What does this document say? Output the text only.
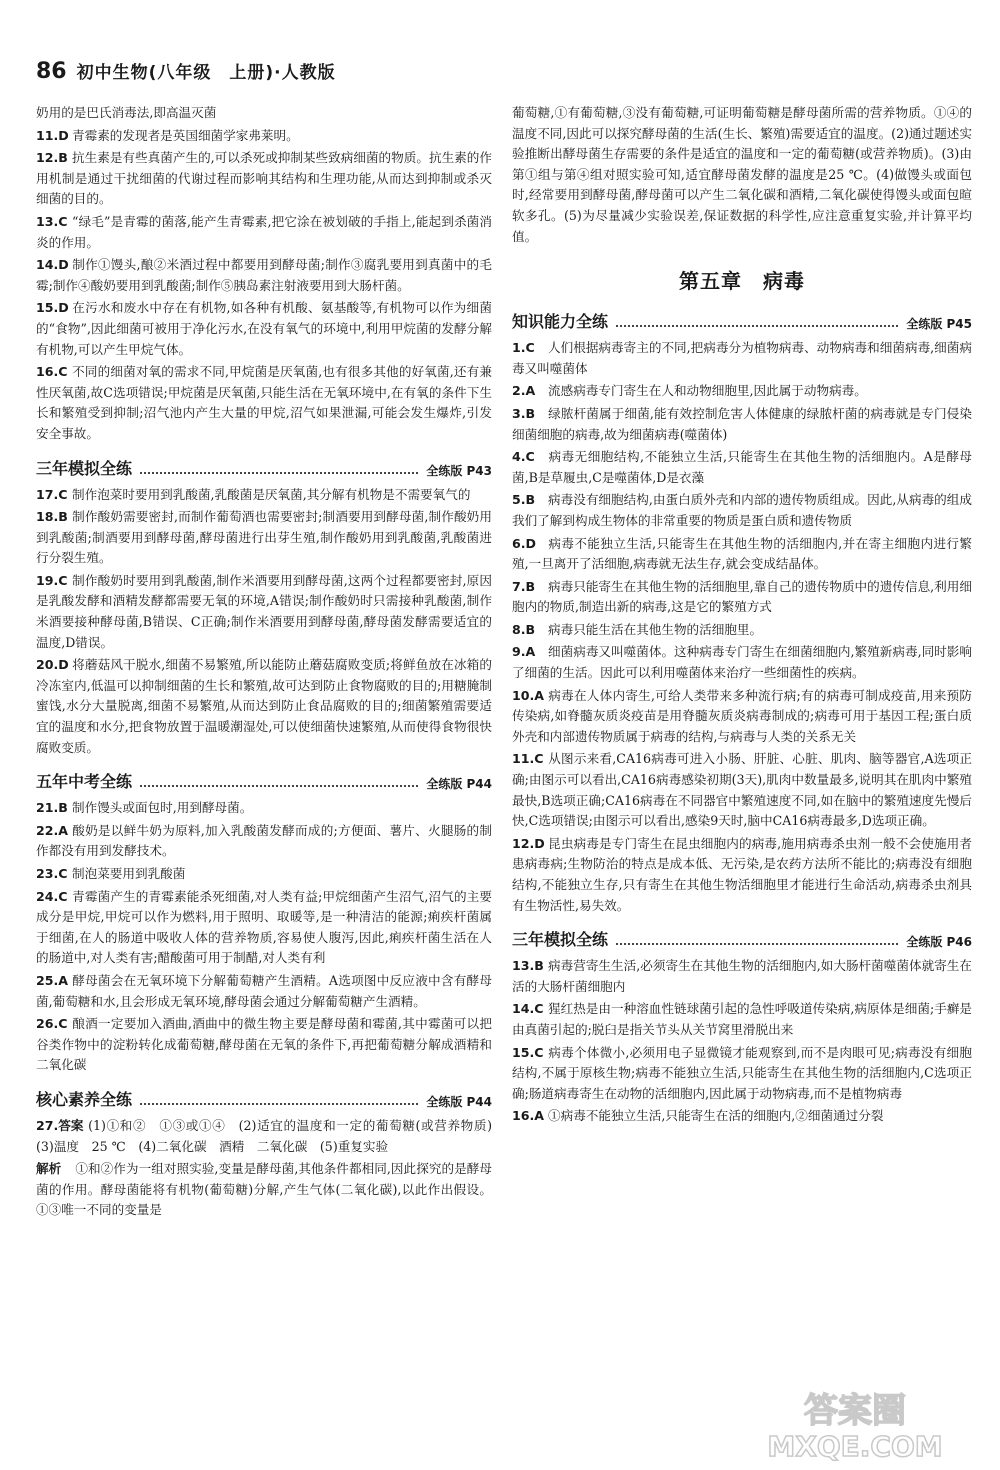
86 初中生物(八年级　上册)·人教版
奶用的是巴氏消毒法,即高温灭菌
11.D 青霉素的发现者是英国细菌学家弗莱明。
12.B 抗生素是有些真菌产生的,可以杀死或抑制某些致病细菌的物质。抗生素的作用机制是通过干扰细菌的代谢过程而影响其结构和生理功能,从而达到抑制或杀灭细菌的目的。
13.C “绿毛”是青霉的菌落,能产生青霉素,把它涂在被划破的手指上,能起到杀菌消炎的作用。
14.D 制作①馒头,酿②米酒过程中都要用到酵母菌;制作③腐乳要用到真菌中的毛霉;制作④酸奶要用到乳酸菌;制作⑤胰岛素注射液要用到大肠杆菌。
15.D 在污水和废水中存在有机物,如各种有机酸、氨基酸等,有机物可以作为细菌的“食物”,因此细菌可被用于净化污水,在没有氧气的环境中,利用甲烷菌的发酵分解有机物,可以产生甲烷气体。
16.C 不同的细菌对氧的需求不同,甲烷菌是厌氧菌,也有很多其他的好氧菌,还有兼性厌氧菌,故C选项错误;甲烷菌是厌氧菌,只能生活在无氧环境中,在有氧的条件下生长和繁殖受到抑制;沼气池内产生大量的甲烷,沼气如果泄漏,可能会发生爆炸,引发安全事故。
三年模拟全练	全练版 P43
17.C 制作泡菜时要用到乳酸菌,乳酸菌是厌氧菌,其分解有机物是不需要氧气的
18.B 制作酸奶需要密封,而制作葡萄酒也需要密封;制酒要用到酵母菌,制作酸奶用到乳酸菌;制酒要用到酵母菌,酵母菌进行出芽生殖,制作酸奶用到乳酸菌,乳酸菌进行分裂生殖。
19.C 制作酸奶时要用到乳酸菌,制作米酒要用到酵母菌,这两个过程都要密封,原因是乳酸发酵和酒精发酵都需要无氧的环境,A错误;制作酸奶时只需接种乳酸菌,制作米酒要接种酵母菌,B错误、C正确;制作米酒要用到酵母菌,酵母菌发酵需要适宜的温度,D错误。
20.D 将蘑菇风干脱水,细菌不易繁殖,所以能防止蘑菇腐败变质;将鲜鱼放在冰箱的冷冻室内,低温可以抑制细菌的生长和繁殖,故可达到防止食物腐败的目的;用糖腌制蜜饯,水分大量脱离,细菌不易繁殖,从而达到防止食品腐败的目的;细菌繁殖需要适宜的温度和水分,把食物放置于温暖潮湿处,可以使细菌快速繁殖,从而使得食物很快腐败变质。
五年中考全练	全练版 P44
21.B 制作馒头或面包时,用到酵母菌。
22.A 酸奶是以鲜牛奶为原料,加入乳酸菌发酵而成的;方便面、薯片、火腿肠的制作都没有用到发酵技术。
23.C 制泡菜要用到乳酸菌
24.C 青霉菌产生的青霉素能杀死细菌,对人类有益;甲烷细菌产生沼气,沼气的主要成分是甲烷,甲烷可以作为燃料,用于照明、取暖等,是一种清洁的能源;痢疾杆菌属于细菌,在人的肠道中吸收人体的营养物质,容易使人腹泻,因此,痢疾杆菌生活在人的肠道中,对人类有害;醋酸菌可用于制醋,对人类有利
25.A 酵母菌会在无氧环境下分解葡萄糖产生酒精。A选项图中反应液中含有酵母菌,葡萄糖和水,且会形成无氧环境,酵母菌会通过分解葡萄糖产生酒精。
26.C 酿酒一定要加入酒曲,酒曲中的微生物主要是酵母菌和霉菌,其中霉菌可以把谷类作物中的淀粉转化成葡萄糖,酵母菌在无氧的条件下,再把葡萄糖分解成酒精和二氧化碳
核心素养全练	全练版 P44
27.答案 (1)①和②　①③或①④　(2)适宜的温度和一定的葡萄糖(或营养物质)　(3)温度　25 ℃　(4)二氧化碳　酒精　二氧化碳　(5)重复实验
解析 ①和②作为一组对照实验,变量是酵母菌,其他条件都相同,因此探究的是酵母菌的作用。酵母菌能将有机物(葡萄糖)分解,产生气体(二氧化碳),以此作出假设。①③唯一不同的变量是
葡萄糖,①有葡萄糖,③没有葡萄糖,可证明葡萄糖是酵母菌所需的营养物质。①④的温度不同,因此可以探究酵母菌的生活(生长、繁殖)需要适宜的温度。(2)通过题述实验推断出酵母菌生存需要的条件是适宜的温度和一定的葡萄糖(或营养物质)。(3)由第①组与第④组对照实验可知,适宜酵母菌发酵的温度是25 ℃。(4)做馒头或面包时,经常要用到酵母菌,酵母菌可以产生二氧化碳和酒精,二氧化碳使得馒头或面包暄软多孔。(5)为尽量减少实验误差,保证数据的科学性,应注意重复实验,并计算平均值。
第五章　病毒
知识能力全练	全练版 P45
1.C 人们根据病毒寄主的不同,把病毒分为植物病毒、动物病毒和细菌病毒,细菌病毒又叫噬菌体
2.A 流感病毒专门寄生在人和动物细胞里,因此属于动物病毒。
3.B 绿脓杆菌属于细菌,能有效控制危害人体健康的绿脓杆菌的病毒就是专门侵染细菌细胞的病毒,故为细菌病毒(噬菌体)
4.C 病毒无细胞结构,不能独立生活,只能寄生在其他生物的活细胞内。A是酵母菌,B是草履虫,C是噬菌体,D是衣藻
5.B 病毒没有细胞结构,由蛋白质外壳和内部的遗传物质组成。因此,从病毒的组成我们了解到构成生物体的非常重要的物质是蛋白质和遗传物质
6.D 病毒不能独立生活,只能寄生在其他生物的活细胞内,并在寄主细胞内进行繁殖,一旦离开了活细胞,病毒就无法生存,就会变成结晶体。
7.B 病毒只能寄生在其他生物的活细胞里,靠自己的遗传物质中的遗传信息,利用细胞内的物质,制造出新的病毒,这是它的繁殖方式
8.B 病毒只能生活在其他生物的活细胞里。
9.A 细菌病毒又叫噬菌体。这种病毒专门寄生在细菌细胞内,繁殖新病毒,同时影响了细菌的生活。因此可以利用噬菌体来治疗一些细菌性的疾病。
10.A 病毒在人体内寄生,可给人类带来多种流行病;有的病毒可制成疫苗,用来预防传染病,如脊髓灰质炎疫苗是用脊髓灰质炎病毒制成的;病毒可用于基因工程;蛋白质外壳和内部遗传物质属于病毒的结构,与病毒与人类的关系无关
11.C 从图示来看,CA16病毒可进入小肠、肝脏、心脏、肌肉、脑等器官,A选项正确;由图示可以看出,CA16病毒感染初期(3天),肌肉中数量最多,说明其在肌肉中繁殖最快,B选项正确;CA16病毒在不同器官中繁殖速度不同,如在脑中的繁殖速度先慢后快,C选项错误;由图示可以看出,感染9天时,脑中CA16病毒最多,D选项正确。
12.D 昆虫病毒是专门寄生在昆虫细胞内的病毒,施用病毒杀虫剂一般不会使施用者患病毒病;生物防治的特点是成本低、无污染,是农药方法所不能比的;病毒没有细胞结构,不能独立生存,只有寄生在其他生物活细胞里才能进行生命活动,病毒杀虫剂具有生物活性,易失效。
三年模拟全练	全练版 P46
13.B 病毒营寄生生活,必须寄生在其他生物的活细胞内,如大肠杆菌噬菌体就寄生在活的大肠杆菌细胞内
14.C 猩红热是由一种溶血性链球菌引起的急性呼吸道传染病,病原体是细菌;手癣是由真菌引起的;脱臼是指关节头从关节窝里滑脱出来
15.C 病毒个体微小,必须用电子显微镜才能观察到,而不是肉眼可见;病毒没有细胞结构,不属于原核生物;病毒不能独立生活,只能寄生在其他生物的活细胞内,C选项正确;肠道病毒寄生在动物的活细胞内,因此属于动物病毒,而不是植物病毒
16.A ①病毒不能独立生活,只能寄生在活的细胞内,②细菌通过分裂
答案圈
MXQE.COM
